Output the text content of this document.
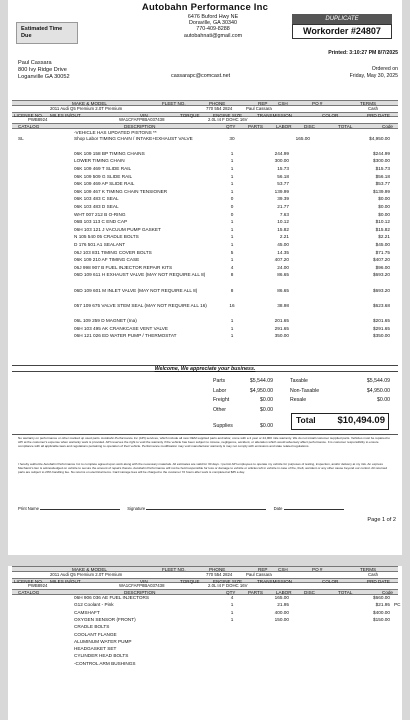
Autobahn Performance Inc
Estimated Time Due
6476 Buford Hwy NE
Doraville, GA 30340
770-409-8288
autobahnati@gmail.com
DUPLICATE
Workorder #24807
Printed: 3:10:27 PM 8/7/2025
Paul Cassara
800 Ivy Ridge Drive
Loganville GA 30052	cassarapc@comcast.net
Ordered on
Friday, May 30, 2025
MAKE & MODEL	FLEET NO.	PHONE	REP CSH	PO #	TERMS
2011 Audi Q5 Premium 2.0T Premium	770 554 2824	Paul Cassara	Cash
LICENSE NO. MILES IN/OUT	VIN	TORQUE	ENGINE SIZE	TRANSMISSION	COLOR	PRD DATE
PWB8924	WA1CFAFP8BA037438	2.0L I4 F DOHC 16V
CATALOG	DESCRIPTION	QTY	PARTS	LABOR	DISC	TOTAL	Code
-VEHICLE HAS UPDATED PISTONS **
SL	Shop Labor TIMING CHAIN / INTAKE+EXHAUST VALVE	30	165.00	$4,950.00
06K 109 158 BP TIMING CHAINS	1	244.99	$244.99
LOWER TIMING CHAIN	1	300.00	$300.00
06K 109 469 T SLIDE RAIL	1	15.73	$15.73
06K 109 509 G SLIDE RAIL	1	56.18	$56.18
06K 109 469 AP SLIDE RAIL	1	53.77	$53.77
06K 109 467 K TIMING CHAIN TENSIONER	1	139.99	$139.99
06K 103 483 C SEAL	0	39.39	$0.00
06K 103 483 D SEAL	0	21.77	$0.00
WHT 007 212 B O-RING	0	7.63	$0.00
06B 103 113 C END CAP	1	10.12	$10.12
06H 103 121 J VACUUM PUMP GASKET	1	15.82	$15.82
N 105 540 05 CRADLE BOLTS	1	2.21	$2.21
D 176 501 A1 SEALANT	1	45.00	$45.00
06J 103 831 TIMING COVER BOLTS	5	14.35	$71.75
06K 109 210 AF TIMING CASE	1	407.20	$407.20
06J 998 907 B FUEL INJECTOR REPAIR KITS	4	24.00	$96.00
06D 109 611 H EXHAUST VALVE (MAY NOT REQUIRE ALL 8)	8	86.65	$693.20
06D 109 601 M INLET VALVE (MAY NOT REQUIRE ALL 8)	8	86.65	$693.20
057 109 675 VALVE STEM SEAL (MAY NOT REQUIRE ALL 16)	16	38.98	$623.68
06L 109 259 D MAGNET (Ina)	1	201.65	$201.65
06H 103 495 AK CRANKCASE VENT VALVE	1	291.65	$291.65
06H 121 026 ED WATER PUMP / THERMOSTAT	1	350.00	$350.00
Welcome, We appreciate your business.
Parts	$5,544.09
Labor	$4,950.00
Freight	$0.00
Other	$0.00
Taxable	$5,544.09
Non-Taxable	$4,950.00
Resale	$0.00
Total $10,494.09
Supplies	$0.00
No warranty on performance or other marked up used parts. Autobahn Performance Inc (API) services, which include all new OEM supplied parts and labor, come with a 2 year or 24,000 mile warranty. We do not install customer supplied parts. Vehicles must be repaired to API at the customer's expense when warranty work is provided. API reserves the right to void the warranty if the vehicle has been subject to misuse, negligence, accident, or alteration which would adversely affect performance. It is customer responsibility to ensure compliance with all applicable laws and regulations pertaining to operation of their vehicle. Performance modification may void manufacturer warranty & may not comply with emissions and state related regulations.
I hereby authorize Autobahn Performance Inc to complete agreed upon work along with the necessary materials. All estimates are valid for 30 days. I permit API employees to operate my vehicle for purposes of testing, inspection, and/or delivery at my risk. An express Mechanic's lien is acknowledged on vehicle to secure the amount of repairs thereto. Autobahn Performance will not be held responsible for loss or damage to vehicle or articles left in vehicle in case of fire, theft, accident or any other cause beyond our control. All returned parts are subject to 20% handling fee. No returns on electrical items. Card storage fees will be charged to the customer 72 hours after work is completed at $35 a day.
Print Name	Signature	Date
Page 1 of 2
MAKE & MODEL	FLEET NO.	PHONE	REP CSH	PO #	TERMS
2011 Audi Q5 Premium 2.0T Premium	770 554 2824	Paul Cassara	Cash
LICENSE NO. MILES IN/OUT	VIN	TORQUE	ENGINE SIZE	TRANSMISSION	COLOR	PRD DATE
PWB8924	WA1CFAFP8BA037438	2.0L I4 F DOHC 16V
CATALOG	DESCRIPTION	QTY	PARTS	LABOR	DISC	TOTAL	Code
06H 906 036 AE FUEL INJECTORS	4	165.00	$660.00
G12 Coolant - Pink	1	21.95	$21.95 PC
CAMSHAFT	1	400.00	$400.00
OXYGEN SENSOR (FRONT)	1	150.00	$150.00
CRADLE BOLTS
COOLANT FLANGE
ALUMINUM WATER PUMP
HEADGASKET SET
CYLINDER HEAD BOLTS
-CONTROL ARM BUSHINGS
